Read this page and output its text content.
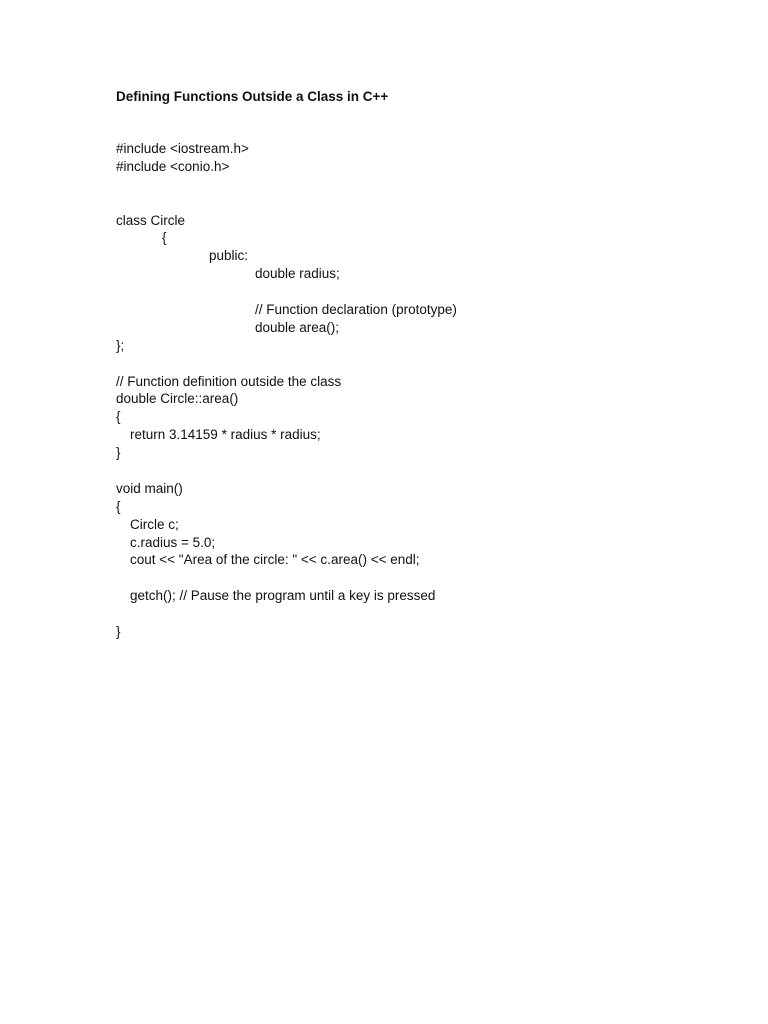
Defining Functions Outside a Class in C++
#include <iostream.h>
#include <conio.h>
class Circle
{
public:
double radius;
// Function declaration (prototype)
double area();
};
// Function definition outside the class
double Circle::area()
{
return 3.14159 * radius * radius;
}
void main()
{
Circle c;
c.radius = 5.0;
cout << "Area of the circle: " << c.area() << endl;
getch(); // Pause the program until a key is pressed
}
